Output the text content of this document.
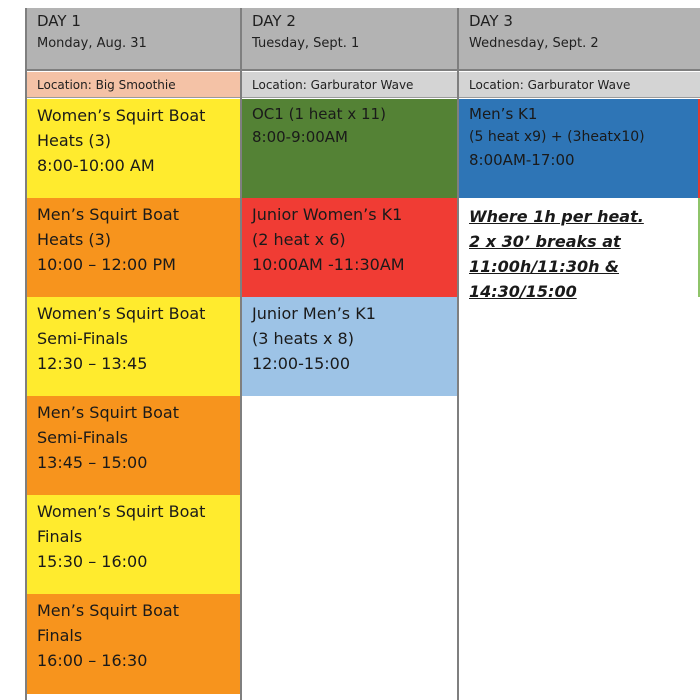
DAY 1
Monday, Aug. 31
Location: Big Smoothie
Women’s Squirt Boat
Heats (3)
8:00-10:00 AM
Men’s Squirt Boat
Heats (3)
10:00 – 12:00 PM
Women’s Squirt Boat
Semi-Finals
12:30 – 13:45
Men’s Squirt Boat
Semi-Finals
13:45 – 15:00
Women’s Squirt Boat
Finals
15:30 – 16:00
Men’s Squirt Boat
Finals
16:00 – 16:30
DAY 2
Tuesday, Sept. 1
Location: Garburator Wave
OC1 (1 heat x 11)
8:00-9:00AM
Junior Women’s K1
(2 heat x 6)
10:00AM -11:30AM
Junior Men’s K1
(3 heats x 8)
12:00-15:00
DAY 3
Wednesday, Sept. 2
Location: Garburator Wave
Men’s K1
(5 heat x9) + (3heatx10)
8:00AM-17:00
Where 1h per heat.
2 x 30’ breaks at
11:00h/11:30h &
14:30/15:00
